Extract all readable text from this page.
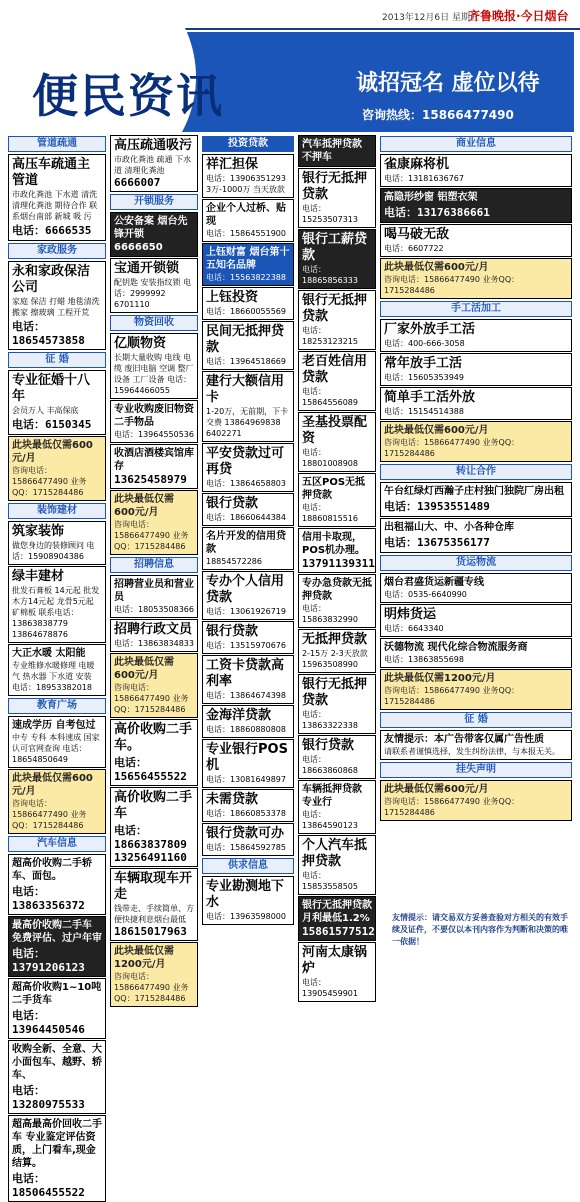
2013年12月6日 星期五
齐鲁晚报·今日烟台
便民资讯	诚招冠名 虚位以待
咨询热线：15866477490
管道疏通
高压车疏通主管道
市政化粪池 下水道 清洗 清理化粪池 期待合作 联系烟台南部 新城 吸 污
电话：6666535
家政服务
永和家政保洁公司
家庭 保洁 打蜡 地毯清洗 搬家 擦玻璃 工程开荒
电话：18654573858
征 婚
专业征婚十八年
会员万人 丰高保底
电话：6150345
此块最低仅需600元/月
咨询电话：15866477490 业务QQ：1715284486
装饰建材
筑家装饰
做您身边的装修顾问 电话：15908904386
绿丰建材
批发石膏板 14元起 批发 木方14元起 龙骨5元起 矿棉板 联系电话：13863838779 13864678876
大正水暖 太阳能
专业维修水暖修理 电暖气 热水器 下水道 安装 电话：18953382018
教育广场
速成学历 自考包过
中专 专科 本科速成 国家认可官网查询 电话：18654850649
此块最低仅需600元/月
咨询电话：15866477490 业务QQ：1715284486
汽车信息
超高价收购二手轿车、面包。
电话：13863356372
最高价收购二手车 免费评估、过户年审
电话：13791206123
超高价收购1~10吨二手货车
电话：13964450546
收购全新、全意、大小面包车、越野、轿车、
电话：13280975533
超高最高价回收二手车 专业鉴定评估资质，上门看车,现金结算。
电话：18506455522
高压疏通吸污
市政化粪池 疏通 下水道 清理化粪池
6666007
开锁服务
公安备案 烟台先锋开锁 6666650
宝通开锁锁
配钥匙 安装指纹锁 电话：2999992 6701110
物资回收
亿顺物资
长期大量收购 电线 电缆 废旧电脑 空调 整厂设备 工厂设备 电话：15964466055
专业收购废旧物资二手物品
电话：13964550536
收酒店酒楼宾馆库存
13625458979
此块最低仅需600元/月
咨询电话：15866477490 业务QQ：1715284486
招聘信息
招聘营业员和营业员
电话：18053508366
招聘行政文员
电话：13863834833
此块最低仅需600元/月
咨询电话：15866477490 业务QQ：1715284486
高价收购二手车。
电话：15656455522
高价收购二手车
电话：18663837809 13256491160
车辆取现车开走
钱带走、手续简单、方便快捷利息烟台最低
18615017963
此块最低仅需1200元/月
咨询电话：15866477490 业务QQ：1715284486
投资贷款
祥汇担保
电话：13906351293 3万-1000万 当天放款
企业个人过桥、贴现
电话：15864551900
上钰财富 烟台第十五知名品牌
电话：15563822388
上钰投资
电话：18660055569
民间无抵押贷款
电话：13964518669
建行大额信用卡
1-20万，无前期，下卡交费 13864969838 6402271
平安贷款过可再贷
电话：13864658803
银行贷款
电话：18660644384
名片开发的信用贷款
18854572286
专办个人信用贷款
电话：13061926719
银行贷款
电话：13515970676
工资卡贷款高利率
电话：13864674398
金海洋贷款
电话：18860880808
专业银行POS机
电话：13081649897
未需贷款
电话：18660853378
银行贷款可办
电话：15864592785
供求信息
专业勘测地下水
电话：13963598000
汽车抵押贷款 不押车
银行无抵押贷款
电话：15253507313
银行工薪贷款
电话：18865856333
银行无抵押贷款
电话：18253123215
老百姓信用贷款
电话：15864556089
圣基投票配资
电话：18801008908
五区POS无抵押贷款
电话：18860815516
信用卡取现，POS机办理。
13791139311
专办急贷款无抵押贷款
电话：15863832990
无抵押贷款
2-15万 2-3天放款 15963508990
银行无抵押贷款
电话：13863322338
银行贷款
电话：18663860868
车辆抵押贷款 专业行
电话：13864590123
个人汽车抵押贷款
电话：15853558505
银行无抵押贷款 月利最低1.2%
15861577512
河南太康锅炉
电话：13905459901
商业信息
雀康麻将机
电话：13181636767
高隐形纱窗 铝塑衣架
电话：13176386661
喝马破无敌
电话：6607722
此块最低仅需600元/月
咨询电话：15866477490 业务QQ：1715284486
手工活加工
厂家外放手工活
电话：400-666-3058
常年放手工活
电话：15605353949
简单手工活外放
电话：15154514388
此块最低仅需600元/月
咨询电话：15866477490 业务QQ：1715284486
转让合作
午台红绿灯西瀚子庄村独门独院厂房出租
电话：13953551489
出租福山大、中、小各种仓库
电话：13675356177
货运物流
烟台君盛货运新疆专线
电话：0535-6640990
明炜货运
电话：6643340
沃德物流 现代化综合物流服务商
电话：13863855698
此块最低仅需1200元/月
咨询电话：15866477490 业务QQ：1715284486
征 婚
友情提示：本广告带客仅属广告性质
请联系者谨慎选择，发生纠纷法律，与本报无关。
挂失声明
此块最低仅需600元/月
咨询电话：15866477490 业务QQ：1715284486
友情提示：请交易双方妥善查验对方相关的有效手续及证件，不要仅以本刊内容作为判断和决策的唯一依据！
